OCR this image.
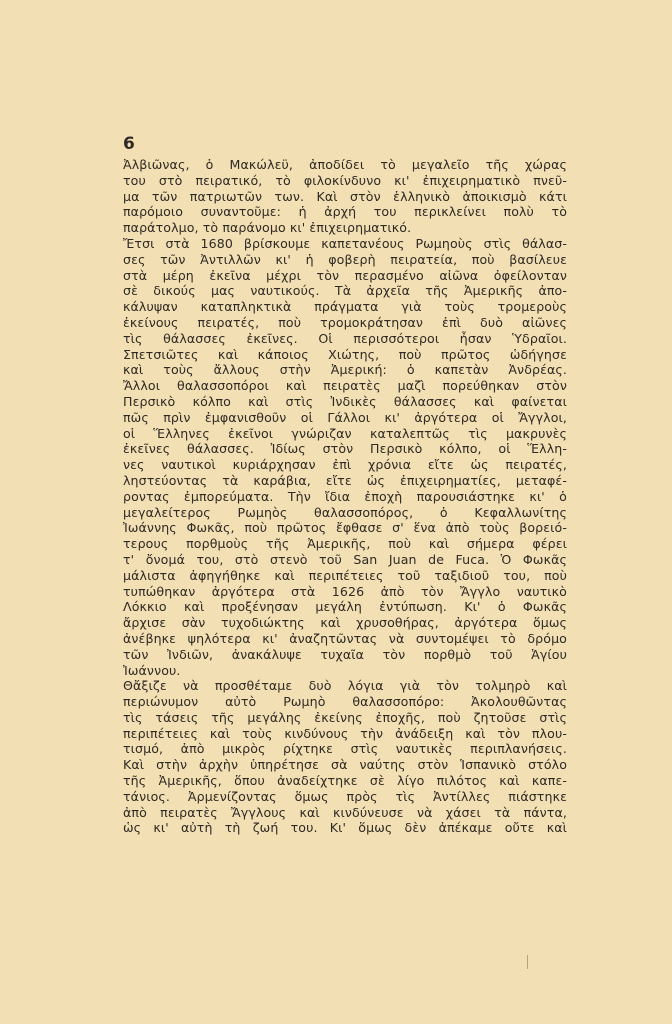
6
Ἀλβιῶνας, ὁ Μακώλεϋ, ἀποδίδει τὸ μεγαλεῖο τῆς χώρας
του στὸ πειρατικό, τὸ φιλοκίνδυνο κι' ἐπιχειρηματικὸ πνεῦ-
μα τῶν πατριωτῶν των. Καὶ στὸν ἑλληνικὸ ἀποικισμὸ κάτι
παρόμοιο συναντοῦμε: ἡ ἀρχή του περικλείνει πολὺ τὸ
παράτολμο, τὸ παράνομο κι' ἐπιχειρηματικό.
Ἔτσι στὰ 1680 βρίσκουμε καπετανέους Ρωμηοὺς στὶς θάλασ-
σες τῶν Ἀντιλλῶν κι' ἡ φοβερὴ πειρατεία, ποὺ βασίλευε
στὰ μέρη ἐκεῖνα μέχρι τὸν περασμένο αἰῶνα ὀφείλονταν
σὲ δικούς μας ναυτικούς. Τὰ ἀρχεῖα τῆς Ἀμερικῆς ἀπο-
κάλυψαν καταπληκτικὰ πράγματα γιὰ τοὺς τρομεροὺς
ἐκείνους πειρατές, ποὺ τρομοκράτησαν ἐπὶ δυὸ αἰῶνες
τὶς θάλασσες ἐκεῖνες. Οἱ περισσότεροι ἦσαν Ὑδραῖοι.
Σπετσιῶτες καὶ κάποιος Χιώτης, ποὺ πρῶτος ὡδήγησε
καὶ τοὺς ἄλλους στὴν Ἀμερική: ὁ καπετὰν Ἀνδρέας.
Ἄλλοι θαλασσοπόροι καὶ πειρατὲς μαζὶ πορεύθηκαν στὸν
Περσικὸ κόλπο καὶ στὶς Ἰνδικὲς θάλασσες καὶ φαίνεται
πῶς πρὶν ἐμφανισθοῦν οἱ Γάλλοι κι' ἀργότερα οἱ Ἄγγλοι,
οἱ Ἕλληνες ἐκεῖνοι γνώριζαν καταλεπτῶς τὶς μακρυνὲς
ἐκεῖνες θάλασσες. Ἰδίως στὸν Περσικὸ κόλπο, οἱ Ἕλλη-
νες ναυτικοὶ κυριάρχησαν ἐπὶ χρόνια εἴτε ὡς πειρατές,
ληστεύοντας τὰ καράβια, εἴτε ὡς ἐπιχειρηματίες, μεταφέ-
ροντας ἐμπορεύματα. Τὴν ἴδια ἐποχὴ παρουσιάστηκε κι' ὁ
μεγαλείτερος Ρωμηὸς θαλασσοπόρος, ὁ Κεφαλλωνίτης
Ἰωάννης Φωκᾶς, ποὺ πρῶτος ἔφθασε σ' ἕνα ἀπὸ τοὺς βορειό-
τερους πορθμοὺς τῆς Ἀμερικῆς, ποὺ καὶ σήμερα φέρει
τ' ὄνομά του, στὸ στενὸ τοῦ San Juan de Fuca. Ὁ Φωκᾶς
μάλιστα ἀφηγήθηκε καὶ περιπέτειες τοῦ ταξιδιοῦ του, ποὺ
τυπώθηκαν ἀργότερα στὰ 1626 ἀπὸ τὸν Ἄγγλο ναυτικὸ
Λόκκιο καὶ προξένησαν μεγάλη ἐντύπωση. Κι' ὁ Φωκᾶς
ἄρχισε σὰν τυχοδιώκτης καὶ χρυσοθήρας, ἀργότερα ὅμως
ἀνέβηκε ψηλότερα κι' ἀναζητῶντας νὰ συντομέψει τὸ δρόμο
τῶν Ἰνδιῶν, ἀνακάλυψε τυχαῖα τὸν πορθμὸ τοῦ Ἁγίου
Ἰωάννου.
Θἄξιζε νὰ προσθέταμε δυὸ λόγια γιὰ τὸν τολμηρὸ καὶ
περιώνυμον αὐτὸ Ρωμηὸ θαλασσοπόρο: Ἀκολουθῶντας
τὶς τάσεις τῆς μεγάλης ἐκείνης ἐποχῆς, ποὺ ζητοῦσε στὶς
περιπέτειες καὶ τοὺς κινδύνους τὴν ἀνάδειξη καὶ τὸν πλου-
τισμό, ἀπὸ μικρὸς ρίχτηκε στὶς ναυτικὲς περιπλανήσεις.
Καὶ στὴν ἀρχὴν ὑπηρέτησε σὰ ναύτης στὸν Ἱσπανικὸ στόλο
τῆς Ἀμερικῆς, ὅπου ἀναδείχτηκε σὲ λίγο πιλότος καὶ καπε-
τάνιος. Ἀρμενίζοντας ὅμως πρὸς τὶς Ἀντίλλες πιάστηκε
ἀπὸ πειρατὲς Ἄγγλους καὶ κινδύνευσε νὰ χάσει τὰ πάντα,
ὡς κι' αὐτὴ τὴ ζωή του. Κι' ὅμως δὲν ἀπέκαμε οὔτε καὶ
